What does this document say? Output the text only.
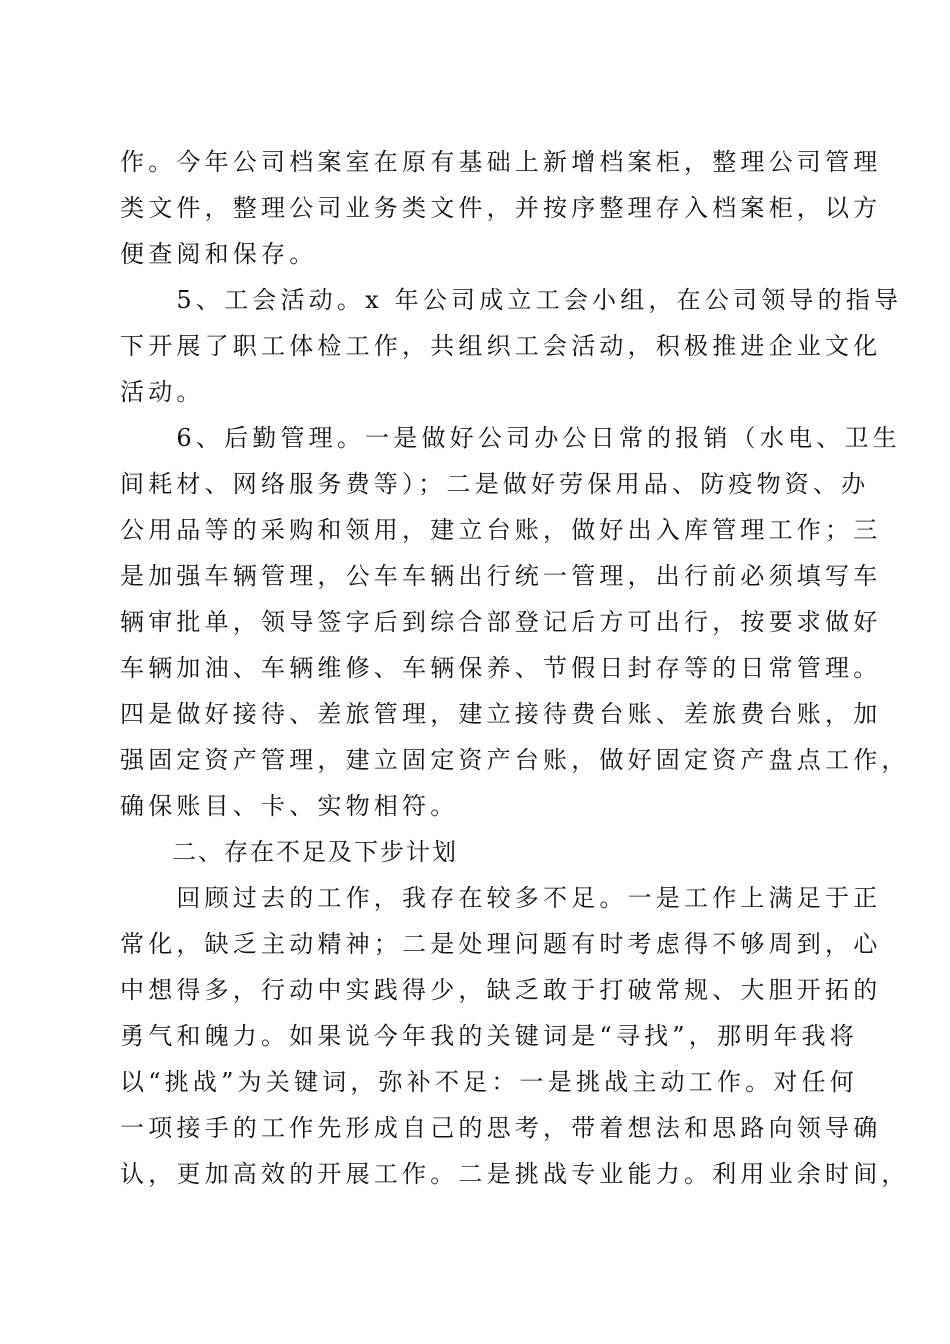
作。今年公司档案室在原有基础上新增档案柜，整理公司管理
类文件，整理公司业务类文件，并按序整理存入档案柜，以方
便查阅和保存。
　　5、工会活动。x 年公司成立工会小组，在公司领导的指导
下开展了职工体检工作，共组织工会活动，积极推进企业文化
活动。
　　6、后勤管理。一是做好公司办公日常的报销（水电、卫生
间耗材、网络服务费等）；二是做好劳保用品、防疫物资、办
公用品等的采购和领用，建立台账，做好出入库管理工作；三
是加强车辆管理，公车车辆出行统一管理，出行前必须填写车
辆审批单，领导签字后到综合部登记后方可出行，按要求做好
车辆加油、车辆维修、车辆保养、节假日封存等的日常管理。
四是做好接待、差旅管理，建立接待费台账、差旅费台账，加
强固定资产管理，建立固定资产台账，做好固定资产盘点工作，
确保账目、卡、实物相符。
　　二、存在不足及下步计划
　　回顾过去的工作，我存在较多不足。一是工作上满足于正
常化，缺乏主动精神；二是处理问题有时考虑得不够周到，心
中想得多，行动中实践得少，缺乏敢于打破常规、大胆开拓的
勇气和魄力。如果说今年我的关键词是“寻找”，那明年我将
以“挑战”为关键词，弥补不足：一是挑战主动工作。对任何
一项接手的工作先形成自己的思考，带着想法和思路向领导确
认，更加高效的开展工作。二是挑战专业能力。利用业余时间，
